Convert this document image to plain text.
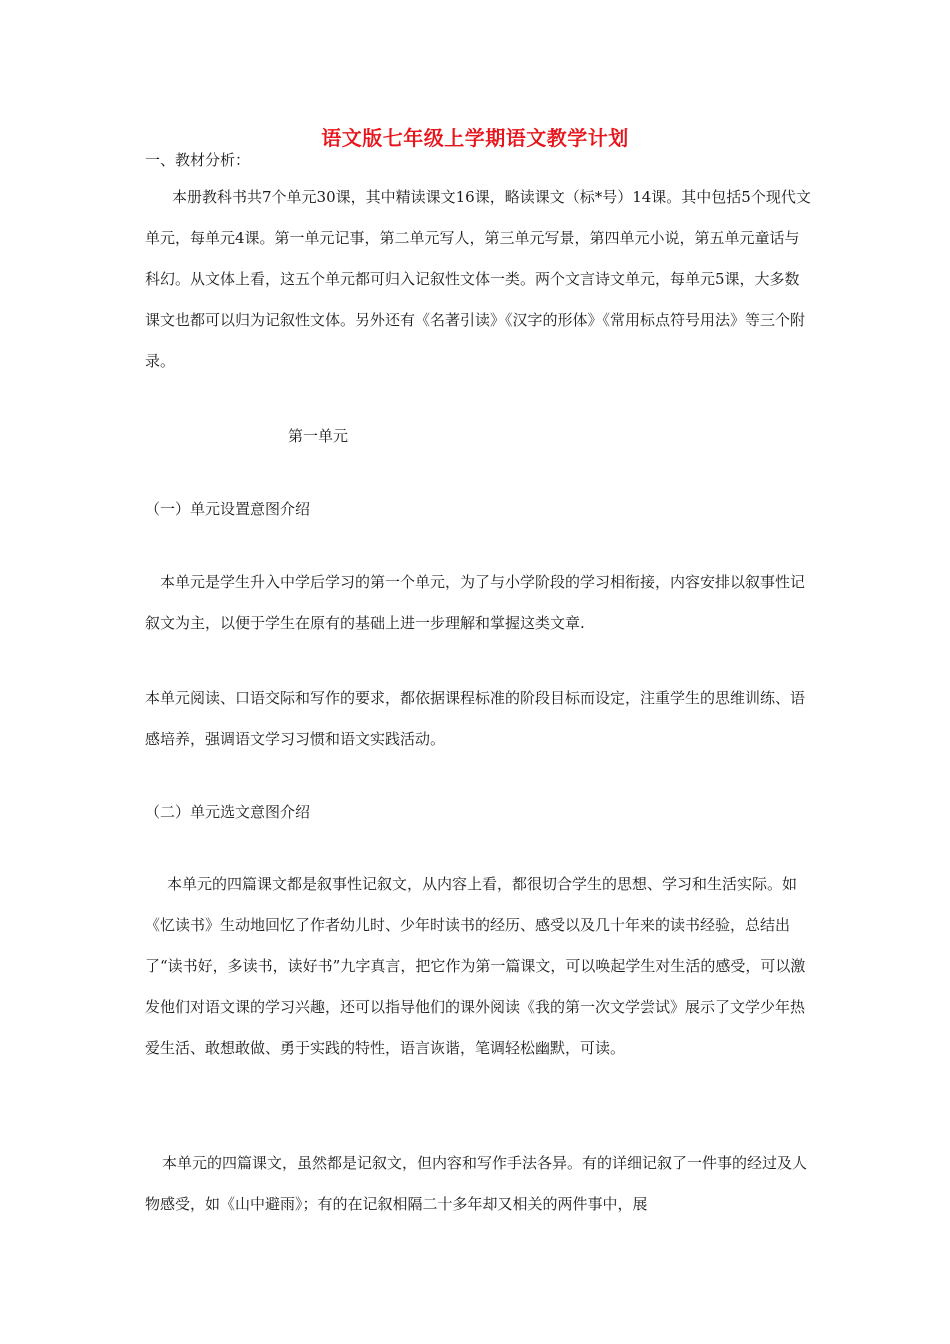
语文版七年级上学期语文教学计划
一、教材分析：

本册教科书共7个单元30课，其中精读课文16课，略读课文（标*号）14课。其中包括5个现代文单元，每单元4课。第一单元记事，第二单元写人，第三单元写景，第四单元小说，第五单元童话与科幻。从文体上看，这五个单元都可归入记叙性文体一类。两个文言诗文单元，每单元5课，大多数课文也都可以归为记叙性文体。另外还有《名著引读》《汉字的形体》《常用标点符号用法》等三个附录。

第一单元
（一）单元设置意图介绍

本单元是学生升入中学后学习的第一个单元，为了与小学阶段的学习相衔接，内容安排以叙事性记叙文为主，以便于学生在原有的基础上进一步理解和掌握这类文章.

本单元阅读、口语交际和写作的要求，都依据课程标准的阶段目标而设定，注重学生的思维训练、语感培养，强调语文学习习惯和语文实践活动。

（二）单元选文意图介绍

本单元的四篇课文都是叙事性记叙文，从内容上看，都很切合学生的思想、学习和生活实际。如《忆读书》生动地回忆了作者幼儿时、少年时读书的经历、感受以及几十年来的读书经验，总结出了“读书好，多读书，读好书”九字真言，把它作为第一篇课文，可以唤起学生对生活的感受，可以激发他们对语文课的学习兴趣，还可以指导他们的课外阅读《我的第一次文学尝试》展示了文学少年热爱生活、敢想敢做、勇于实践的特性，语言诙谐，笔调轻松幽默，可读。

本单元的四篇课文，虽然都是记叙文，但内容和写作手法各异。有的详细记叙了一件事的经过及人物感受，如《山中避雨》；有的在记叙相隔二十多年却又相关的两件事中，展
